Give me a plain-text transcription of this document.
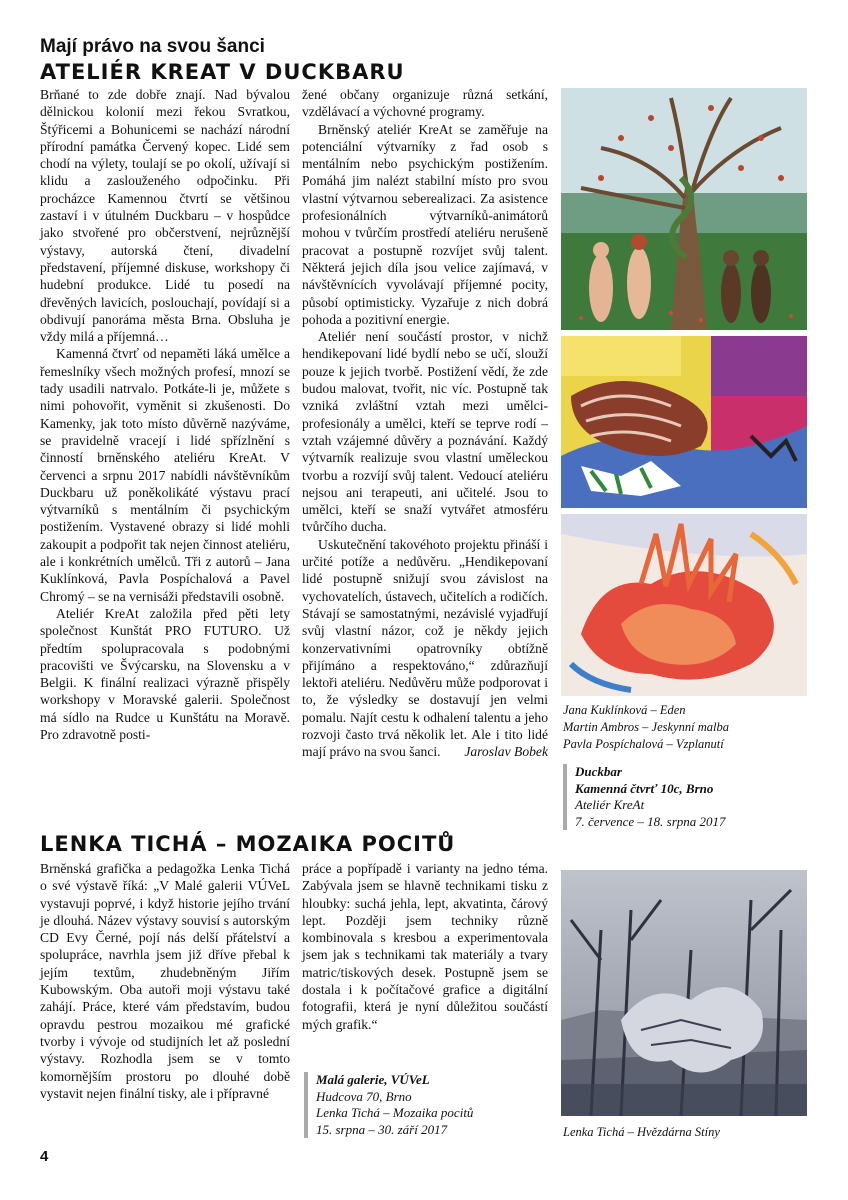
Mají právo na svou šanci
ATELIÉR KREAT V DUCKBARU

Brňané to zde dobře znají. Nad bývalou dělnickou kolonií mezi řekou Svratkou, Štýřicemi a Bohunicemi se nachází národní přírodní památka Červený kopec. Lidé sem chodí na výlety, toulají se po okolí, užívají si klidu a zaslouženého odpočinku. Při procházce Kamennou čtvrtí se většinou zastaví i v útulném Duckbaru – v hospůdce jako stvořené pro občerstvení, nejrůznější výstavy, autorská čtení, divadelní představení, příjemné diskuse, workshopy či hudební produkce. Lidé tu posedí na dřevěných lavicích, poslouchají, povídají si a obdivují panoráma města Brna. Obsluha je vždy milá a příjemná…

Kamenná čtvrť od nepaměti láká umělce a řemeslníky všech možných profesí, mnozí se tady usadili natrvalo. Potkáte-li je, můžete s nimi pohovořit, vyměnit si zkušenosti. Do Kamenky, jak toto místo důvěrně nazýváme, se pravidelně vracejí i lidé spřízlnění s činností brněnského ateliéru KreAt. V červenci a srpnu 2017 nabídli návštěvníkům Duckbaru už poněkolikáté výstavu prací výtvarníků s mentálním či psychickým postižením. Vystavené obrazy si lidé mohli zakoupit a podpořit tak nejen činnost ateliéru, ale i konkrétních umělců. Tři z autorů – Jana Kuklínková, Pavla Pospíchalová a Pavel Chromý – se na vernisáži představili osobně.

Ateliér KreAt založila před pěti lety společnost Kunštát PRO FUTURO. Už předtím spolupracovala s podobnými pracovišti ve Švýcarsku, na Slovensku a v Belgii. K finální realizaci výrazně přispěly workshopy v Moravské galerii. Společnost má sídlo na Rudce u Kunštátu na Moravě. Pro zdravotně posti-

žené občany organizuje různá setkání, vzdělávací a výchovné programy.

Brněnský ateliér KreAt se zaměřuje na potenciální výtvarníky z řad osob s mentálním nebo psychickým postižením. Pomáhá jim nalézt stabilní místo pro svou vlastní výtvarnou seberealizaci. Za asistence profesionálních výtvarníků-animátorů mohou v tvůrčím prostředí ateliéru nerušeně pracovat a postupně rozvíjet svůj talent. Některá jejich díla jsou velice zajímavá, v návštěvnících vyvolávají příjemné pocity, působí optimisticky. Vyzařuje z nich dobrá pohoda a pozitivní energie.

Ateliér není součástí prostor, v nichž hendikepovaní lidé bydlí nebo se učí, slouží pouze k jejich tvorbě. Postižení vědí, že zde budou malovat, tvořit, nic víc. Postupně tak vzniká zvláštní vztah mezi umělci-profesionály a umělci, kteří se teprve rodí – vztah vzájemné důvěry a poznávání. Každý výtvarník realizuje svou vlastní uměleckou tvorbu a rozvíjí svůj talent. Vedoucí ateliéru nejsou ani terapeuti, ani učitelé. Jsou to umělci, kteří se snaží vytvářet atmosféru tvůrčího ducha.

Uskutečnění takovéhoto projektu přináší i určité potíže a nedůvěru. „Hendikepovaní lidé postupně snižují svou závislost na vychovatelích, ústavech, učitelích a rodičích. Stávají se samostatnými, nezávislé vyjadřují svůj vlastní názor, což je někdy jejich konzervativními opatrovníky obtížně přijímáno a respektováno,“ zdůrazňují lektoři ateliéru. Nedůvěru může podporovat i to, že výsledky se dostavují jen velmi pomalu. Najít cestu k odhalení talentu a jeho rozvoji často trvá několik let. Ale i tito lidé mají právo na svou šanci.	Jaroslav Bobek

Jana Kuklínková – Eden
Martin Ambros – Jeskynní malba
Pavla Pospíchalová – Vzplanutí
Duckbar
Kamenná čtvrť 10c, Brno
Ateliér KreAt
7. července – 18. srpna 2017
LENKA TICHÁ – MOZAIKA POCITŮ

Brněnská grafička a pedagožka Lenka Tichá o své výstavě říká: „V Malé galerii VÚVeL vystavuji poprvé, i když historie jejího trvání je dlouhá. Název výstavy souvisí s autorským CD Evy Černé, pojí nás delší přátelství a spolupráce, navrhla jsem již dříve přebal k jejím textům, zhudebněným Jiřím Kubowským. Oba autoři moji výstavu také zahájí. Práce, které vám představím, budou opravdu pestrou mozaikou mé grafické tvorby i vývoje od studijních let až poslední výstavy. Rozhodla jsem se v tomto komornějším prostoru po dlouhé době vystavit nejen finální tisky, ale i přípravné

práce a popřípadě i varianty na jedno téma. Zabývala jsem se hlavně technikami tisku z hloubky: suchá jehla, lept, akvatinta, čárový lept. Později jsem techniky různě kombinovala s kresbou a experimentovala jsem jak s technikami tak materiály a tvary matric/tiskových desek. Postupně jsem se dostala i k počítačové grafice a digitální fotografii, která je nyní důležitou součástí mých grafik.“

Malá galerie, VÚVeL
Hudcova 70, Brno
Lenka Tichá – Mozaika pocitů
15. srpna – 30. září 2017	Lenka Tichá – Hvězdárna Stíny
4
